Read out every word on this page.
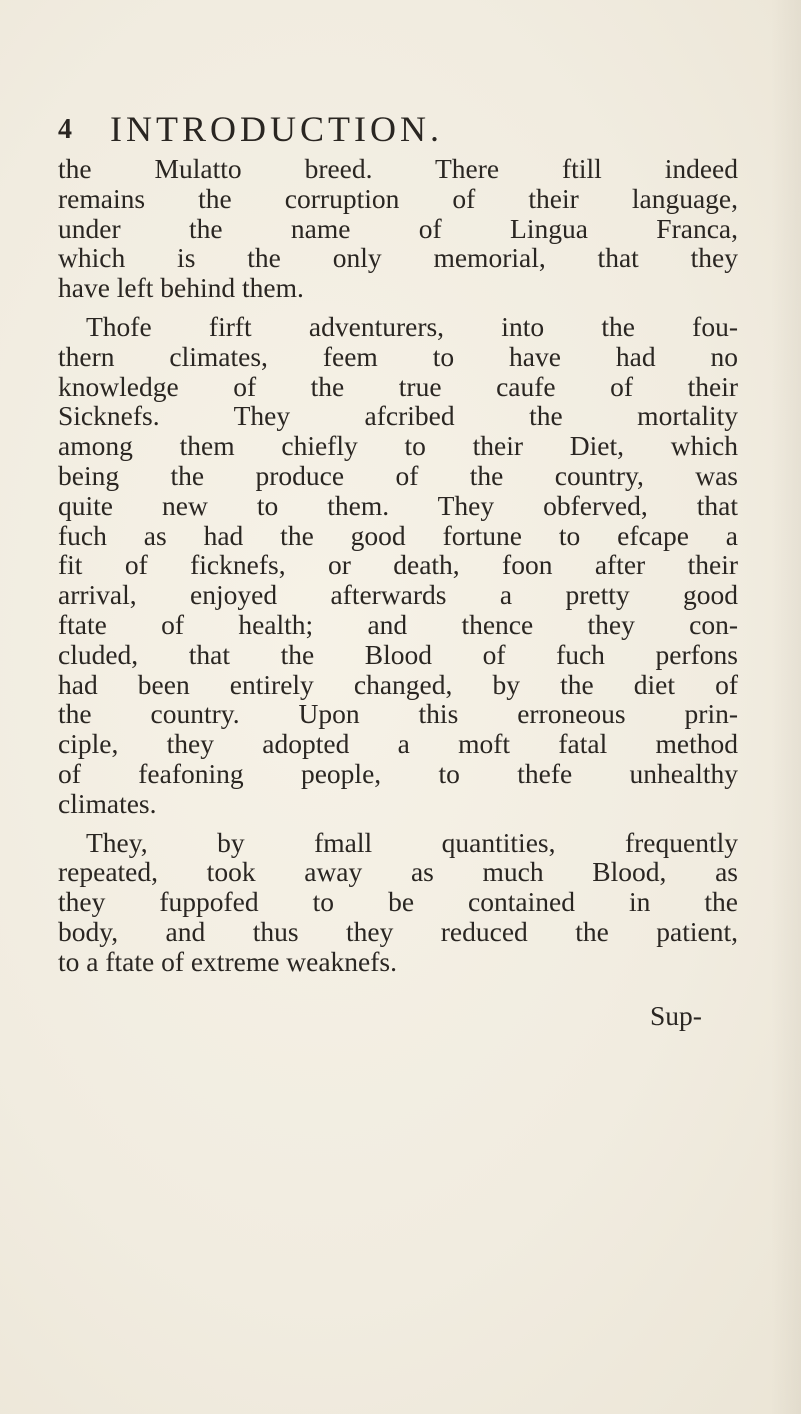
4 INTRODUCTION.

the Mulatto breed. There ftill indeed
remains the corruption of their language,
under the name of Lingua Franca,
which is the only memorial, that they
have left behind them.

Thofe firft adventurers, into the fou-
thern climates, feem to have had no
knowledge of the true caufe of their
Sicknefs. They afcribed the mortality
among them chiefly to their Diet, which
being the produce of the country, was
quite new to them. They obferved, that
fuch as had the good fortune to efcape a
fit of ficknefs, or death, foon after their
arrival, enjoyed afterwards a pretty good
ftate of health; and thence they con-
cluded, that the Blood of fuch perfons
had been entirely changed, by the diet of
the country. Upon this erroneous prin-
ciple, they adopted a moft fatal method
of feafoning people, to thefe unhealthy
climates.

They, by fmall quantities, frequently
repeated, took away as much Blood, as
they fuppofed to be contained in the
body, and thus they reduced the patient,
to a ftate of extreme weaknefs.

Sup-
